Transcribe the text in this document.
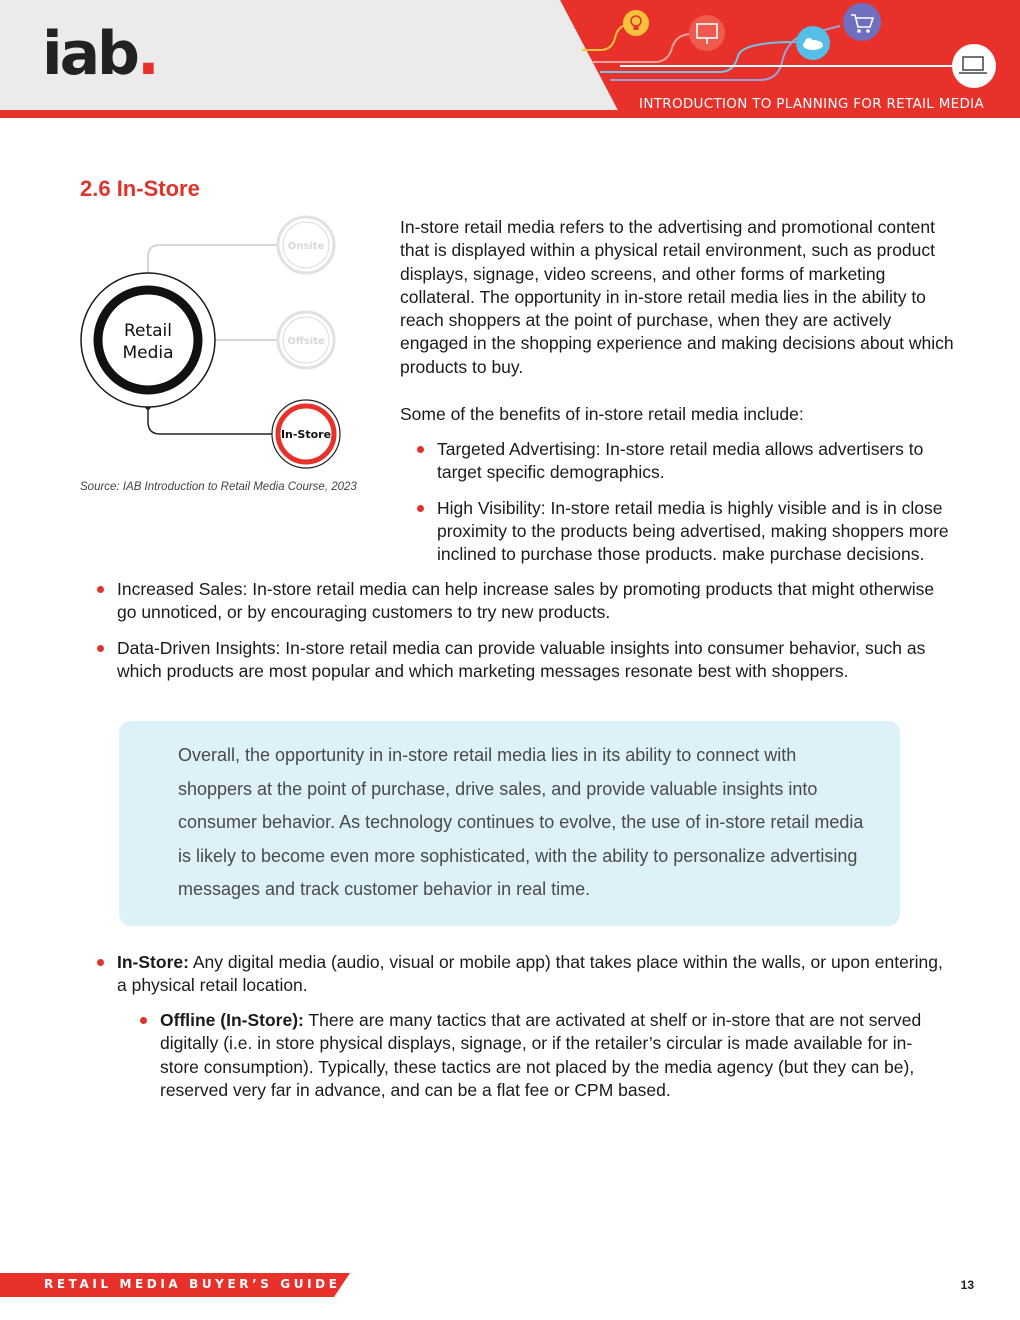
iab.
INTRODUCTION TO PLANNING FOR RETAIL MEDIA
2.6 In-Store
Retail
Media
Onsite
Offsite
In-Store
Source: IAB Introduction to Retail Media Course, 2023
In-store retail media refers to the advertising and promotional content that is displayed within a physical retail environment, such as product displays, signage, video screens, and other forms of marketing collateral. The opportunity in in-store retail media lies in the ability to reach shoppers at the point of purchase, when they are actively engaged in the shopping experience and making decisions about which products to buy.
Some of the benefits of in-store retail media include:
Targeted Advertising: In-store retail media allows advertisers to target specific demographics.
High Visibility: In-store retail media is highly visible and is in close proximity to the products being advertised, making shoppers more inclined to purchase those products. make purchase decisions.
Increased Sales: In-store retail media can help increase sales by promoting products that might otherwise go unnoticed, or by encouraging customers to try new products.
Data-Driven Insights: In-store retail media can provide valuable insights into consumer behavior, such as which products are most popular and which marketing messages resonate best with shoppers.
Overall, the opportunity in in-store retail media lies in its ability to connect with shoppers at the point of purchase, drive sales, and provide valuable insights into consumer behavior. As technology continues to evolve, the use of in-store retail media is likely to become even more sophisticated, with the ability to personalize advertising messages and track customer behavior in real time.
In-Store: Any digital media (audio, visual or mobile app) that takes place within the walls, or upon entering, a physical retail location.
Offline (In-Store): There are many tactics that are activated at shelf or in-store that are not served digitally (i.e. in store physical displays, signage, or if the retailer’s circular is made available for in-store consumption). Typically, these tactics are not placed by the media agency (but they can be), reserved very far in advance, and can be a flat fee or CPM based.
RETAIL MEDIA BUYER’S GUIDE	13
